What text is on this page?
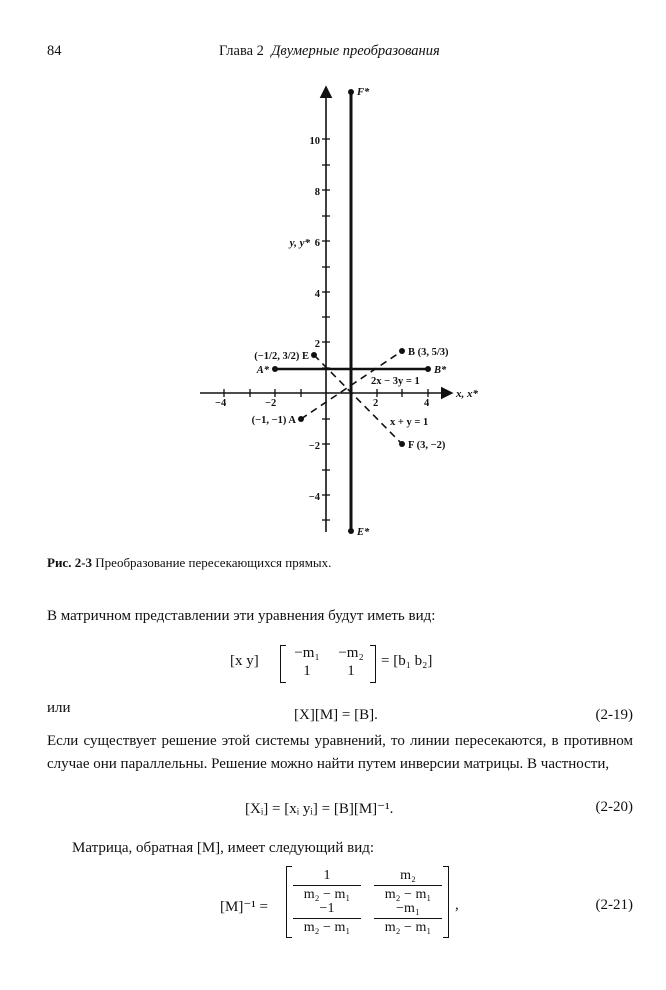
84	Глава 2 Двумерные преобразования
−4	−2	2	4
10
8
6
4
2
−2
−4
x, x*
y, y*
F*
B (3, 5/3)
B*
A*
(−1/2, 3/2) E
(−1, −1) A
F (3, −2)
E*
2x − 3y = 1
x + y = 1
Рис. 2-3 Преобразование пересекающихся прямых.
В матричном представлении эти уравнения будут иметь вид:
[x y]	−m₁	−m₂
1	1
= [b₁ b₂]
или	[X][M] = [B].	(2-19)
Если существует решение этой системы уравнений, то линии пересекаются, в противном случае они параллельны. Решение можно найти путем инверсии матрицы. В частности,
[Xᵢ] = [xᵢ yᵢ] = [B][M]⁻¹.	(2-20)
Матрица, обратная [M], имеет следующий вид:
[M]⁻¹ =
$\frac{1}{\text{m₂ − m₁}} \frac{\text{m₂}}{\text{m₂ − m₁}}$
$\frac{-1}{\text{m₂ − m₁}} \frac{\text{−m₁}}{\text{m₂ − m₁}}$ ,	(2-21)
